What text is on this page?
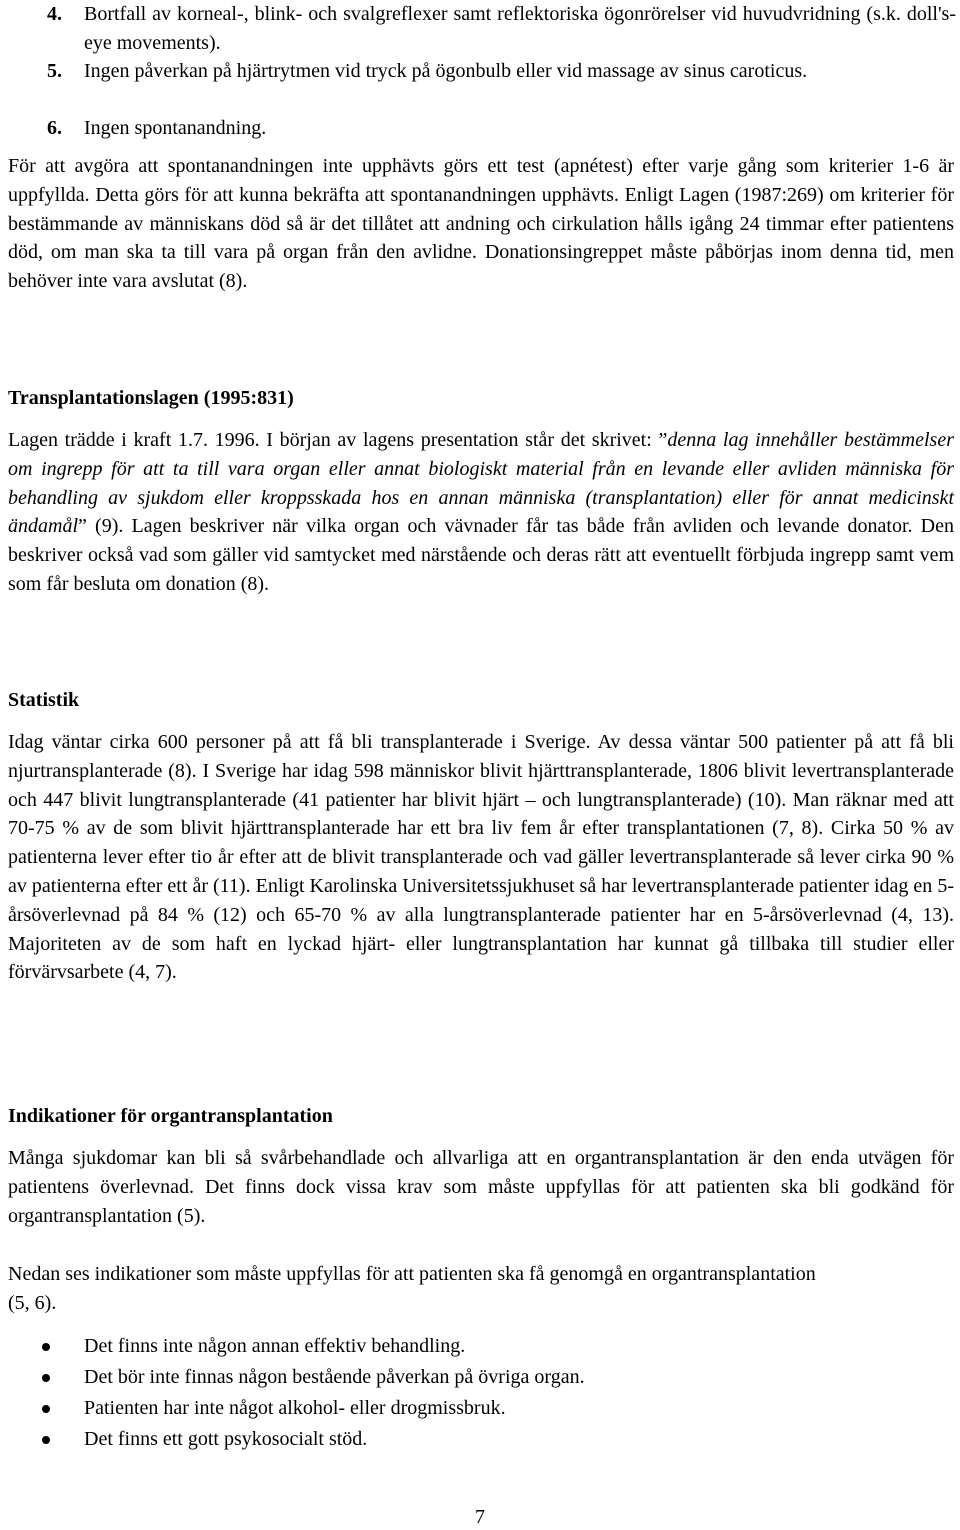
4.	Bortfall av korneal-, blink- och svalgreflexer samt reflektoriska ögonrörelser vid huvudvridning (s.k. doll's-eye movements).
5.	Ingen påverkan på hjärtrytmen vid tryck på ögonbulb eller vid massage av sinus caroticus.
6.	Ingen spontanandning.
För att avgöra att spontanandningen inte upphävts görs ett test (apnétest) efter varje gång som kriterier 1-6 är uppfyllda. Detta görs för att kunna bekräfta att spontanandningen upphävts. Enligt Lagen (1987:269) om kriterier för bestämmande av människans död så är det tillåtet att andning och cirkulation hålls igång 24 timmar efter patientens död, om man ska ta till vara på organ från den avlidne. Donationsingreppet måste påbörjas inom denna tid, men behöver inte vara avslutat (8).
Transplantationslagen (1995:831)
Lagen trädde i kraft 1.7. 1996. I början av lagens presentation står det skrivet: ”denna lag innehåller bestämmelser om ingrepp för att ta till vara organ eller annat biologiskt material från en levande eller avliden människa för behandling av sjukdom eller kroppsskada hos en annan människa (transplantation) eller för annat medicinskt ändamål” (9). Lagen beskriver när vilka organ och vävnader får tas både från avliden och levande donator. Den beskriver också vad som gäller vid samtycket med närstående och deras rätt att eventuellt förbjuda ingrepp samt vem som får besluta om donation (8).
Statistik
Idag väntar cirka 600 personer på att få bli transplanterade i Sverige. Av dessa väntar 500 patienter på att få bli njurtransplanterade (8). I Sverige har idag 598 människor blivit hjärttransplanterade, 1806 blivit levertransplanterade och 447 blivit lungtransplanterade (41 patienter har blivit hjärt – och lungtransplanterade) (10). Man räknar med att 70-75 % av de som blivit hjärttransplanterade har ett bra liv fem år efter transplantationen (7, 8). Cirka 50 % av patienterna lever efter tio år efter att de blivit transplanterade och vad gäller levertransplanterade så lever cirka 90 % av patienterna efter ett år (11). Enligt Karolinska Universitetssjukhuset så har levertransplanterade patienter idag en 5-årsöverlevnad på 84 % (12) och 65-70 % av alla lungtransplanterade patienter har en 5-årsöverlevnad (4, 13). Majoriteten av de som haft en lyckad hjärt- eller lungtransplantation har kunnat gå tillbaka till studier eller förvärvsarbete (4, 7).
Indikationer för organtransplantation
Många sjukdomar kan bli så svårbehandlade och allvarliga att en organtransplantation är den enda utvägen för patientens överlevnad. Det finns dock vissa krav som måste uppfyllas för att patienten ska bli godkänd för organtransplantation (5).
Nedan ses indikationer som måste uppfyllas för att patienten ska få genomgå en organtransplantation (5, 6).
Det finns inte någon annan effektiv behandling.
Det bör inte finnas någon bestående påverkan på övriga organ.
Patienten har inte något alkohol- eller drogmissbruk.
Det finns ett gott psykosocialt stöd.
7
